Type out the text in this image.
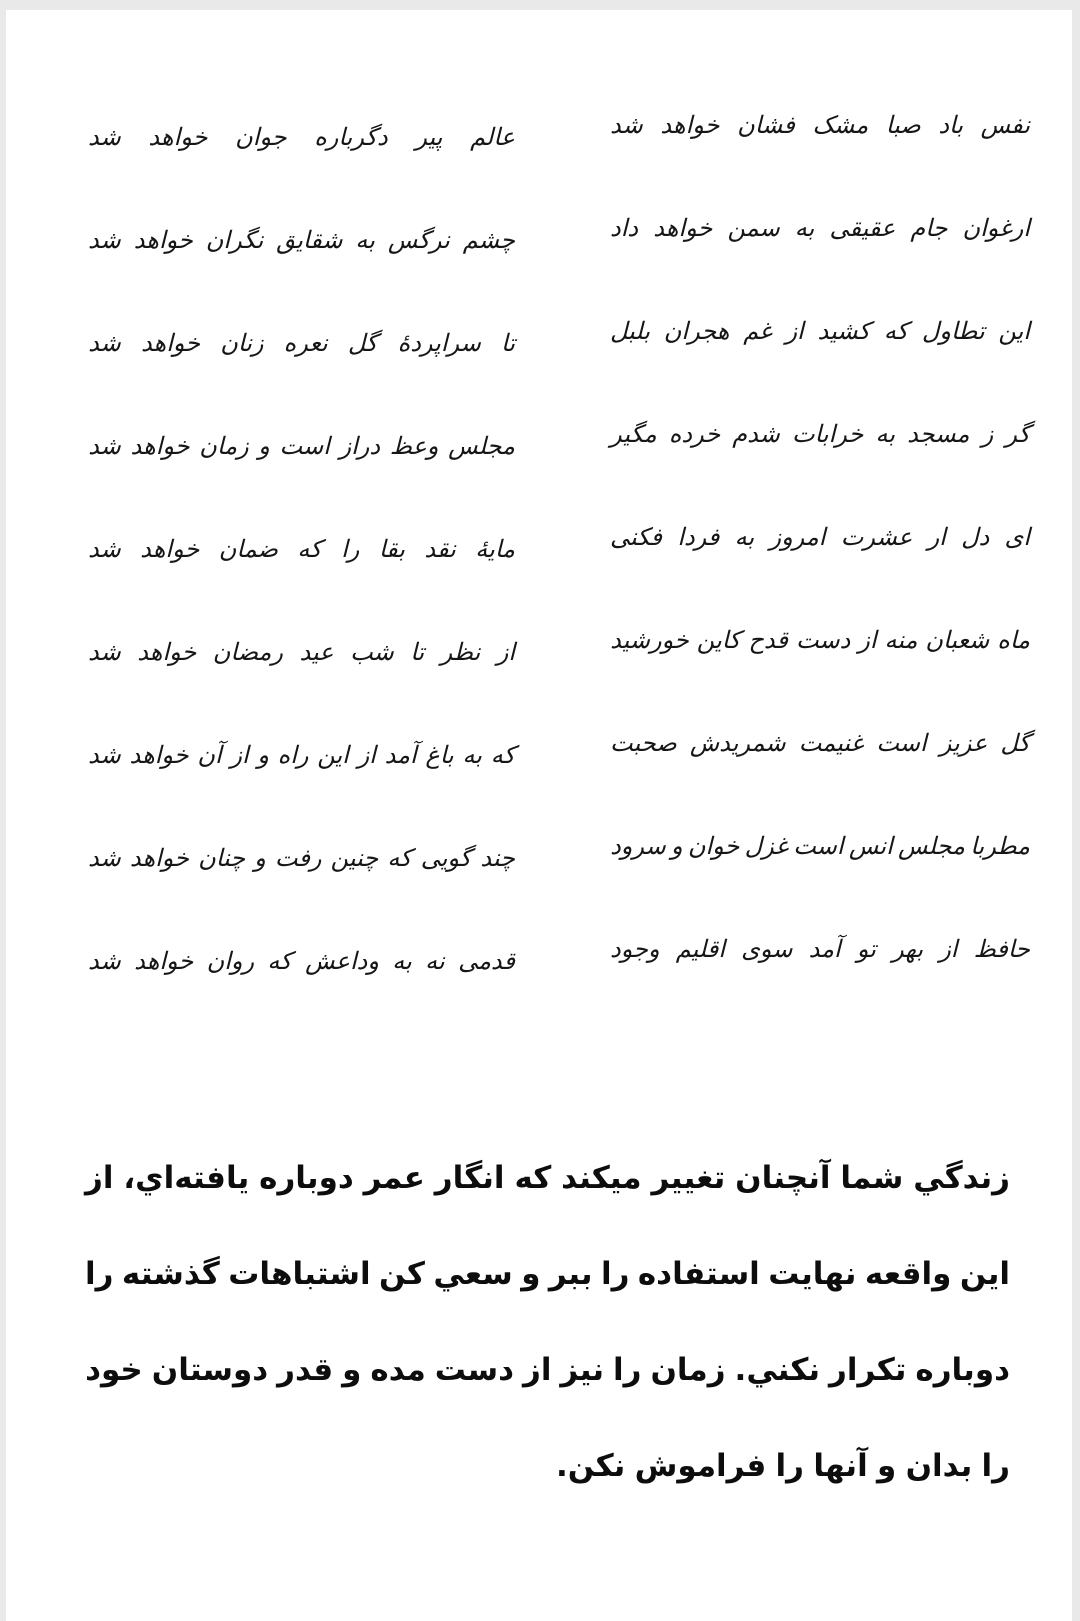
نفس
باد
صبا
مشک
فشان
خواهد
شد
عالم
پیر
دگرباره
جوان
خواهد
شد
ارغوان
جام
عقیقی
به
سمن
خواهد
داد
چشم
نرگس
به
شقایق
نگران
خواهد
شد
این
تطاول
که
کشید
از
غم
هجران
بلبل
تا
سراپردهٔ
گل
نعره
زنان
خواهد
شد
گر
ز
مسجد
به
خرابات
شدم
خرده
مگیر
مجلس
وعظ
دراز
است
و
زمان
خواهد
شد
ای
دل
ار
عشرت
امروز
به
فردا
فکنی
مایهٔ
نقد
بقا
را
که
ضمان
خواهد
شد
ماه
شعبان
منه
از
دست
قدح
کاین
خورشید
از
نظر
تا
شب
عید
رمضان
خواهد
شد
گل
عزیز
است
غنیمت
شمریدش
صحبت
که
به
باغ
آمد
از
این
راه
و
از
آن
خواهد
شد
مطربا
مجلس
انس
است
غزل
خوان
و
سرود
چند
گویی
که
چنین
رفت
و
چنان
خواهد
شد
حافظ
از
بهر
تو
آمد
سوی
اقلیم
وجود
قدمی
نه
به
وداعش
که
روان
خواهد
شد
زندگي
شما
آنچنان
تغيير
ميكند
كه
انگار
عمر
دوباره
يافته‌اي،
از
اين
واقعه
نهايت
استفاده
را
ببر
و
سعي
كن
اشتباهات
گذشته
را
دوباره
تكرار
نكني.
زمان
را
نيز
از
دست
مده
و
قدر
دوستان
خود
را
بدان
و
آنها
را
فراموش
نكن.
